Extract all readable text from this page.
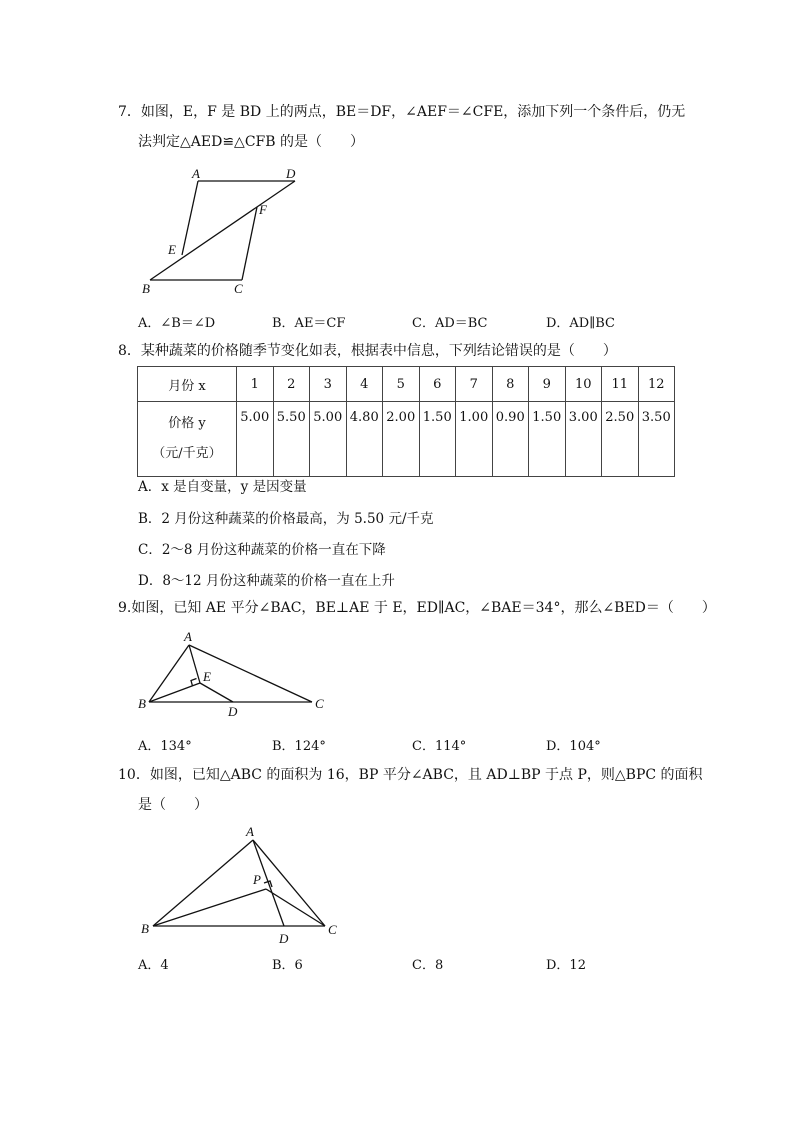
7．如图，E，F 是 BD 上的两点，BE＝DF，∠AEF＝∠CFE，添加下列一个条件后，仍无
法判定△AED≌△CFB 的是（　　）
A	D
F
E
B	C
A．∠B＝∠D	B．AE＝CF	C．AD＝BC	D．AD∥BC
8．某种蔬菜的价格随季节变化如表，根据表中信息，下列结论错误的是（　　）
月份 x	1	2	3	4	5	6	7	8	9	10	11	12

价格 y
（元/千克）	5.00	5.50	5.00	4.80	2.00	1.50	1.00	0.90	1.50	3.00	2.50	3.50
A．x 是自变量，y 是因变量
B．2 月份这种蔬菜的价格最高，为 5.50 元/千克
C．2～8 月份这种蔬菜的价格一直在下降
D．8～12 月份这种蔬菜的价格一直在上升
9.如图，已知 AE 平分∠BAC，BE⊥AE 于 E，ED∥AC，∠BAE＝34°，那么∠BED＝（　　）
A
E
B
D
C
A．134°	B．124°	C．114°	D．104°
10．如图，已知△ABC 的面积为 16，BP 平分∠ABC，且 AD⊥BP 于点 P，则△BPC 的面积
是（　　）
A
P
B
D
C
A．4	B．6	C．8	D．12
